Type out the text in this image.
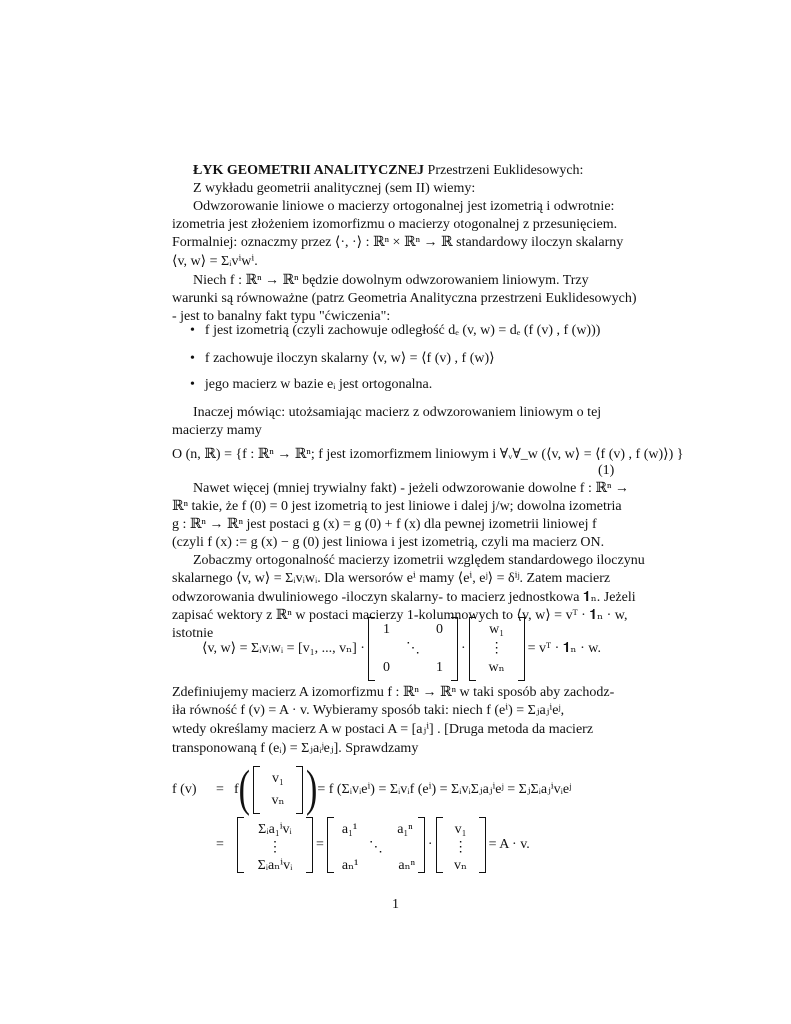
ŁYK GEOMETRII ANALITYCZNEJ Przestrzeni Euklidesowych:
Z wykładu geometrii analitycznej (sem II) wiemy:
Odwzorowanie liniowe o macierzy ortogonalnej jest izometrią i odwrotnie:
izometria jest złożeniem izomorfizmu o macierzy otogonalnej z przesunięciem.
Formalniej: oznaczmy przez ⟨·, ·⟩ : ℝⁿ × ℝⁿ → ℝ standardowy iloczyn skalarny
⟨v, w⟩ = Σᵢvⁱwⁱ.
Niech f : ℝⁿ → ℝⁿ będzie dowolnym odwzorowaniem liniowym. Trzy
warunki są równoważne (patrz Geometria Analityczna przestrzeni Euklidesowych)
- jest to banalny fakt typu "ćwiczenia":
• f jest izometrią (czyli zachowuje odległość dₑ (v, w) = dₑ (f (v) , f (w)))
• f zachowuje iloczyn skalarny ⟨v, w⟩ = ⟨f (v) , f (w)⟩
• jego macierz w bazie eᵢ jest ortogonalna.
Inaczej mówiąc: utożsamiając macierz z odwzorowaniem liniowym o tej
macierzy mamy
O (n, ℝ) = {f : ℝⁿ → ℝⁿ; f jest izomorfizmem liniowym i ∀ᵥ∀_w (⟨v, w⟩ = ⟨f (v) , f (w)⟩) }
(1)
Nawet więcej (mniej trywialny fakt) - jeżeli odwzorowanie dowolne f : ℝⁿ →
ℝⁿ takie, że f (0) = 0 jest izometrią to jest liniowe i dalej j/w; dowolna izometria
g : ℝⁿ → ℝⁿ jest postaci g (x) = g (0) + f (x) dla pewnej izometrii liniowej f
(czyli f (x) := g (x) − g (0) jest liniowa i jest izometrią, czyli ma macierz ON.
Zobaczmy ortogonalność macierzy izometrii względem standardowego iloczynu
skalarnego ⟨v, w⟩ = Σᵢvᵢwᵢ. Dla wersorów eⁱ mamy ⟨eⁱ, eʲ⟩ = δⁱʲ. Zatem macierz
odwzorowania dwuliniowego -iloczyn skalarny- to macierz jednostkowa 𝟏ₙ. Jeżeli
zapisać wektory z ℝⁿ w postaci macierzy 1-kolumnowych to ⟨v, w⟩ = vᵀ · 𝟏ₙ · w,
istotnie
⟨v, w⟩ = Σᵢvᵢwᵢ = [v₁, ..., vₙ] ·
1	0
⋱
0	1
·
w₁
⋮
wₙ
= vᵀ · 𝟏ₙ · w.
Zdefiniujemy macierz A izomorfizmu f : ℝⁿ → ℝⁿ w taki sposób aby zachodz-
iła równość f (v) = A · v. Wybieramy sposób taki: niech f (eⁱ) = Σⱼaⱼⁱeʲ,
wtedy określamy macierz A w postaci A = [aⱼⁱ] . [Druga metoda da macierz
transponowaną f (eᵢ) = Σⱼaᵢʲeⱼ]. Sprawdzamy
f (v)	= f ( v₁
vₙ ) = f (Σᵢvᵢeⁱ) = Σᵢvᵢf (eⁱ) = ΣᵢvᵢΣⱼaⱼⁱeʲ = ΣⱼΣᵢaⱼⁱvᵢeʲ
=
Σᵢa₁ⁱvᵢ
⋮
Σᵢaₙⁱvᵢ
=
a₁¹	a₁ⁿ
⋱
aₙ¹	aₙⁿ
·
v₁
⋮
vₙ
= A · v.
1
